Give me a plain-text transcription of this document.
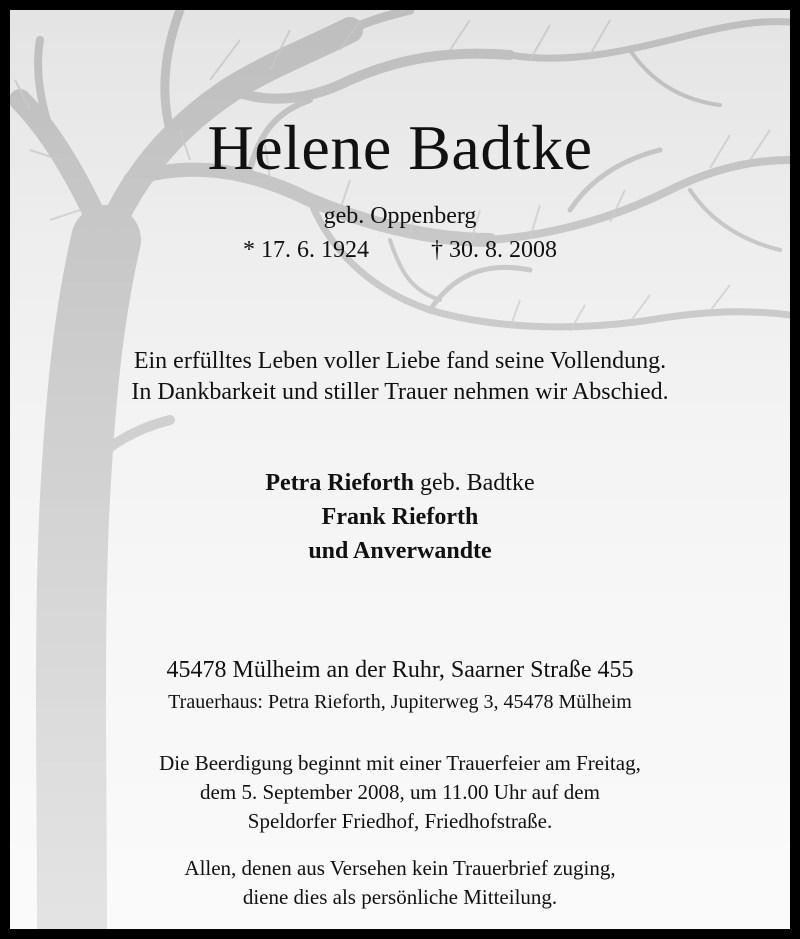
Helene Badtke
geb. Oppenberg
* 17. 6. 1924	† 30. 8. 2008
Ein erfülltes Leben voller Liebe fand seine Vollendung.
In Dankbarkeit und stiller Trauer nehmen wir Abschied.
Petra Rieforth geb. Badtke
Frank Rieforth
und Anverwandte
45478 Mülheim an der Ruhr, Saarner Straße 455
Trauerhaus: Petra Rieforth, Jupiterweg 3, 45478 Mülheim
Die Beerdigung beginnt mit einer Trauerfeier am Freitag,
dem 5. September 2008, um 11.00 Uhr auf dem
Speldorfer Friedhof, Friedhofstraße.
Allen, denen aus Versehen kein Trauerbrief zuging,
diene dies als persönliche Mitteilung.
